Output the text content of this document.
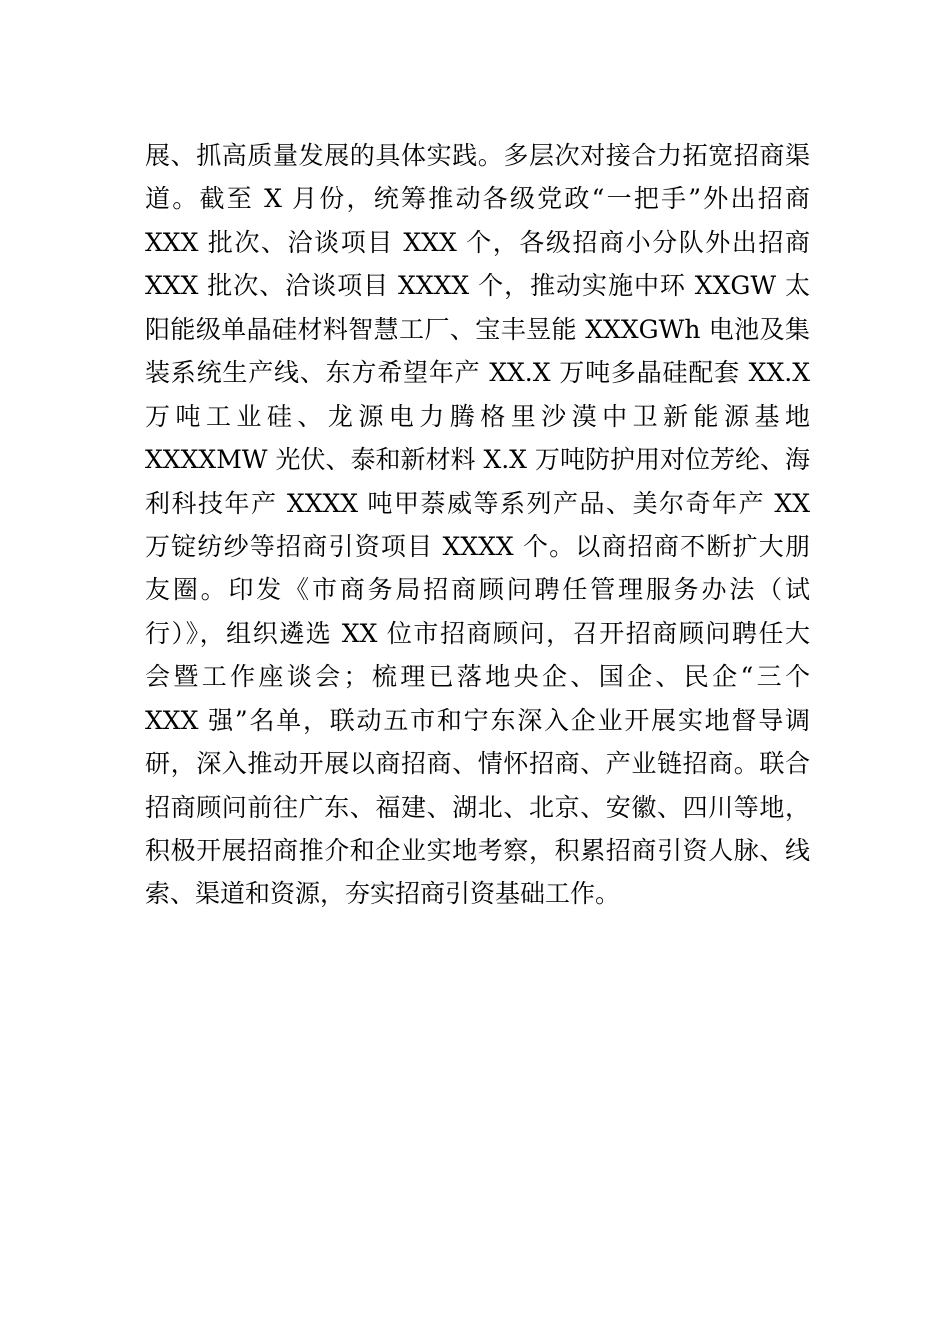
展、抓高质量发展的具体实践。多层次对接合力拓宽招商渠
道。截至 X 月份，统筹推动各级党政“一把手”外出招商
XXX 批次、洽谈项目 XXX 个，各级招商小分队外出招商
XXX 批次、洽谈项目 XXXX 个，推动实施中环 XXGW 太
阳能级单晶硅材料智慧工厂、宝丰昱能 XXXGWh 电池及集
装系统生产线、东方希望年产 XX.X 万吨多晶硅配套 XX.X
万吨工业硅、龙源电力腾格里沙漠中卫新能源基地
XXXXMW 光伏、泰和新材料 X.X 万吨防护用对位芳纶、海
利科技年产 XXXX 吨甲萘威等系列产品、美尔奇年产 XX
万锭纺纱等招商引资项目 XXXX 个。以商招商不断扩大朋
友圈。印发《市商务局招商顾问聘任管理服务办法（试
行）》，组织遴选 XX 位市招商顾问，召开招商顾问聘任大
会暨工作座谈会；梳理已落地央企、国企、民企“三个
XXX 强”名单，联动五市和宁东深入企业开展实地督导调
研，深入推动开展以商招商、情怀招商、产业链招商。联合
招商顾问前往广东、福建、湖北、北京、安徽、四川等地，
积极开展招商推介和企业实地考察，积累招商引资人脉、线
索、渠道和资源，夯实招商引资基础工作。
